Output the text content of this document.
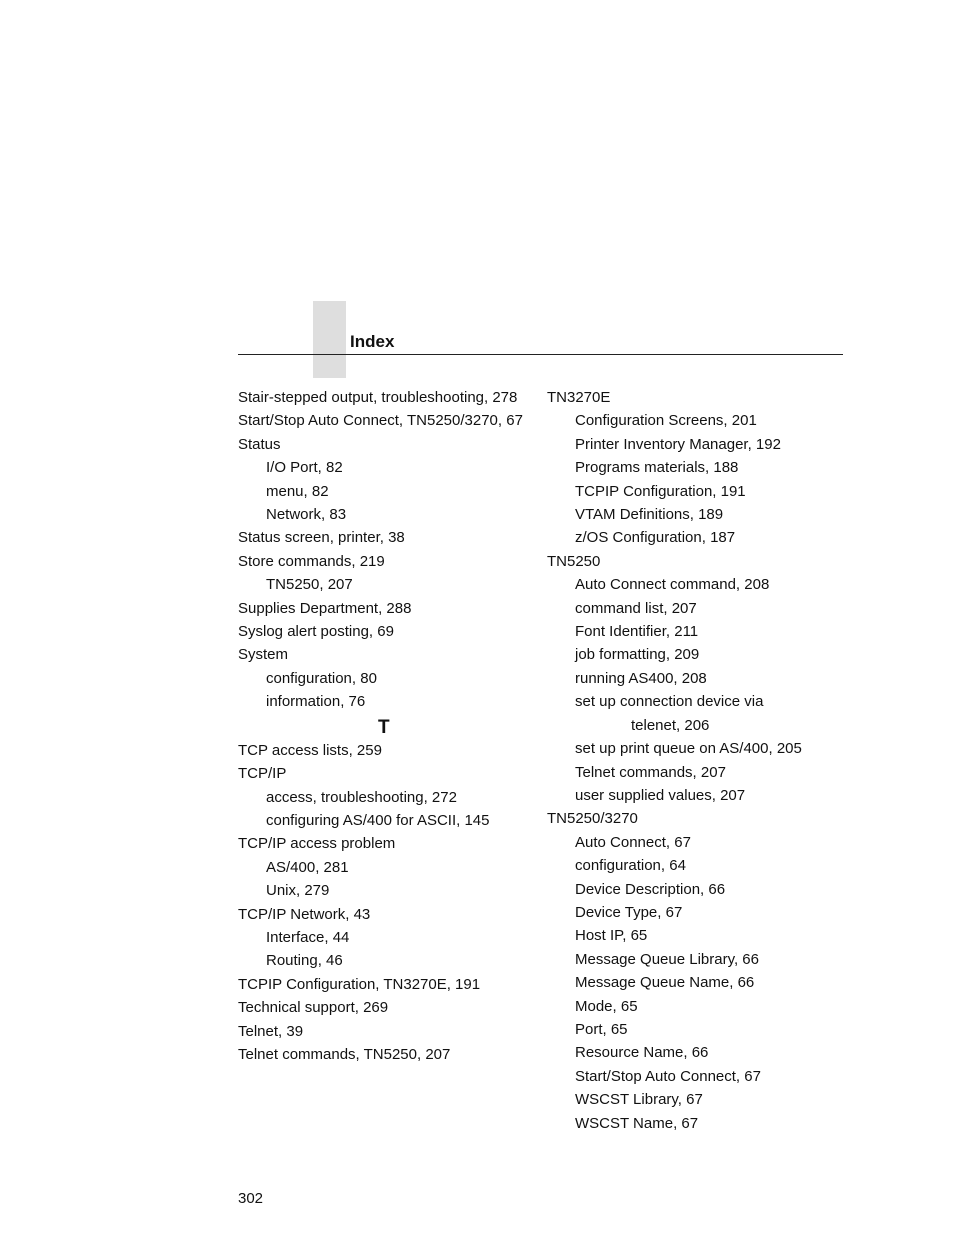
Index
Stair-stepped output, troubleshooting, 278
Start/Stop Auto Connect, TN5250/3270, 67
Status
I/O Port, 82
menu, 82
Network, 83
Status screen, printer, 38
Store commands, 219
TN5250, 207
Supplies Department, 288
Syslog alert posting, 69
System
configuration, 80
information, 76
T
TCP access lists, 259
TCP/IP
access, troubleshooting, 272
configuring AS/400 for ASCII, 145
TCP/IP access problem
AS/400, 281
Unix, 279
TCP/IP Network, 43
Interface, 44
Routing, 46
TCPIP Configuration, TN3270E, 191
Technical support, 269
Telnet, 39
Telnet commands, TN5250, 207
TN3270E
Configuration Screens, 201
Printer Inventory Manager, 192
Programs materials, 188
TCPIP Configuration, 191
VTAM Definitions, 189
z/OS Configuration, 187
TN5250
Auto Connect command, 208
command list, 207
Font Identifier, 211
job formatting, 209
running AS400, 208
set up connection device via
telenet, 206
set up print queue on AS/400, 205
Telnet commands, 207
user supplied values, 207
TN5250/3270
Auto Connect, 67
configuration, 64
Device Description, 66
Device Type, 67
Host IP, 65
Message Queue Library, 66
Message Queue Name, 66
Mode, 65
Port, 65
Resource Name, 66
Start/Stop Auto Connect, 67
WSCST Library, 67
WSCST Name, 67
302
